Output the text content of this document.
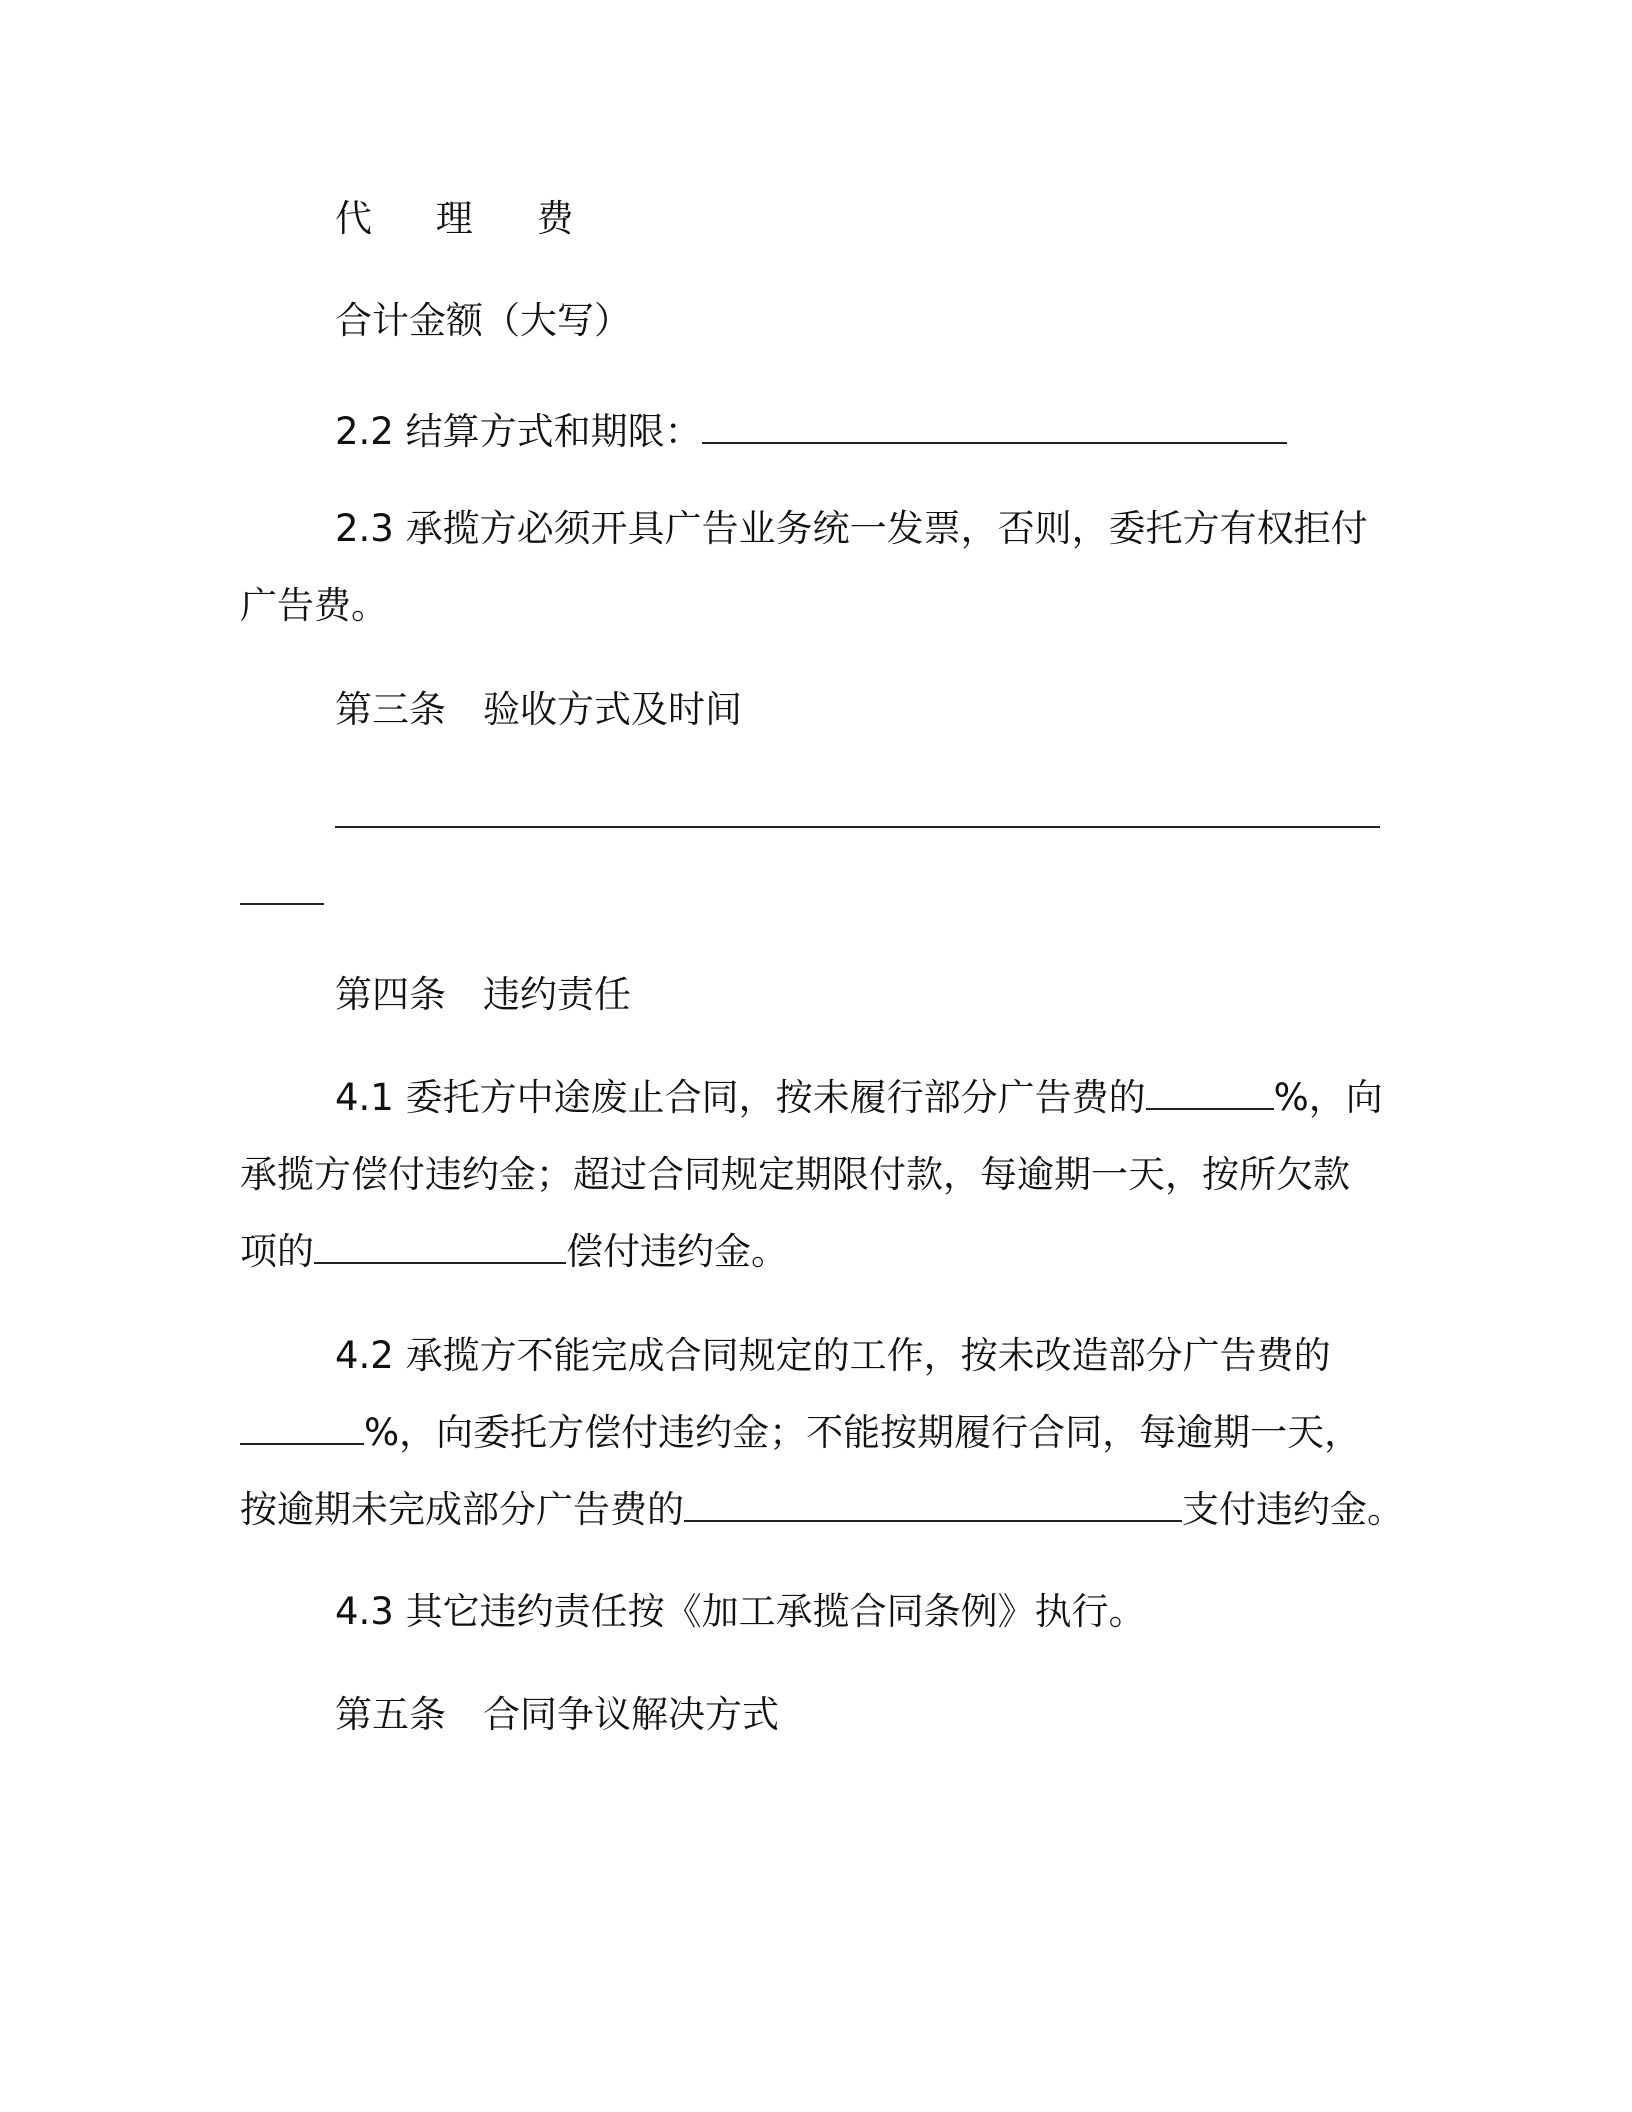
代 理 费
合计金额（大写）
2.2 结算方式和期限：
2.3 承揽方必须开具广告业务统一发票，否则，委托方有权拒付
广告费。
第三条　验收方式及时间
第四条　违约责任
4.1 委托方中途废止合同，按未履行部分广告费的	%，向
承揽方偿付违约金；超过合同规定期限付款，每逾期一天，按所欠款
项的	偿付违约金。
4.2 承揽方不能完成合同规定的工作，按未改造部分广告费的
%，向委托方偿付违约金；不能按期履行合同，每逾期一天，
按逾期未完成部分广告费的	支付违约金。
4.3 其它违约责任按《加工承揽合同条例》执行。
第五条　合同争议解决方式
